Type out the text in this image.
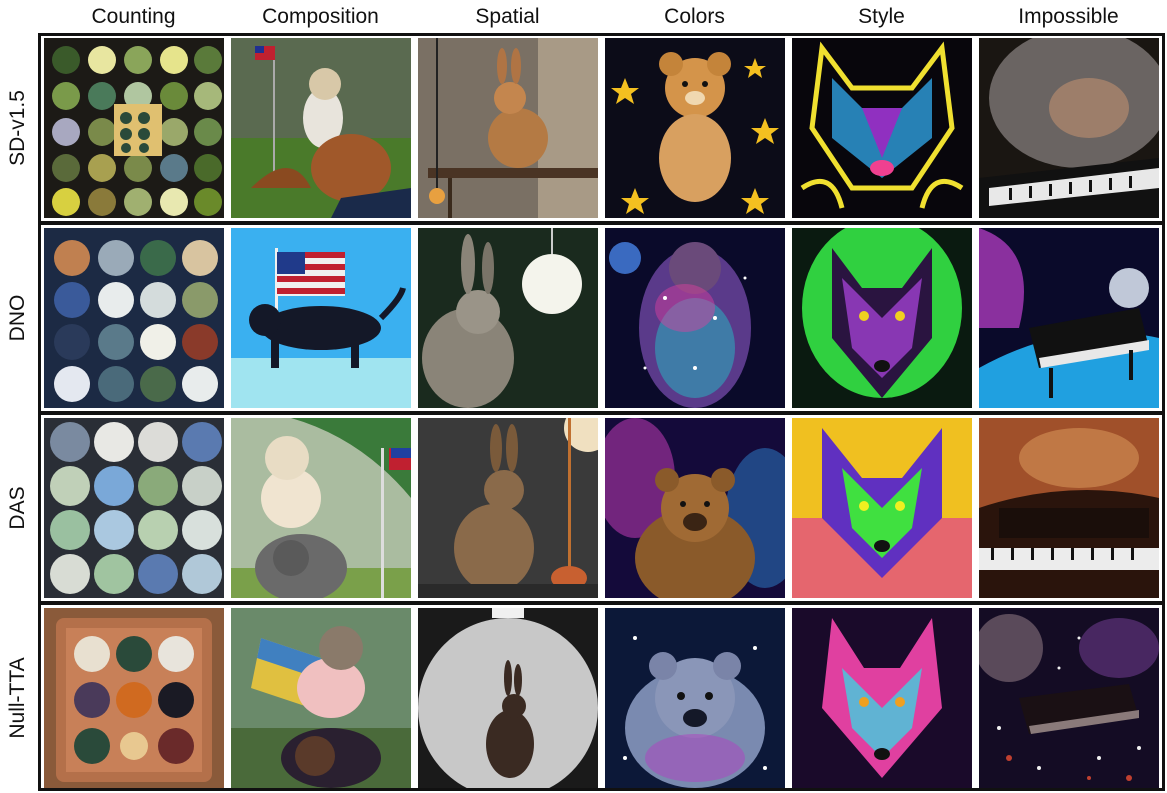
Counting	Composition	Spatial	Colors	Style	Impossible
SD-v1.5
DNO
DAS
Null-TTA
